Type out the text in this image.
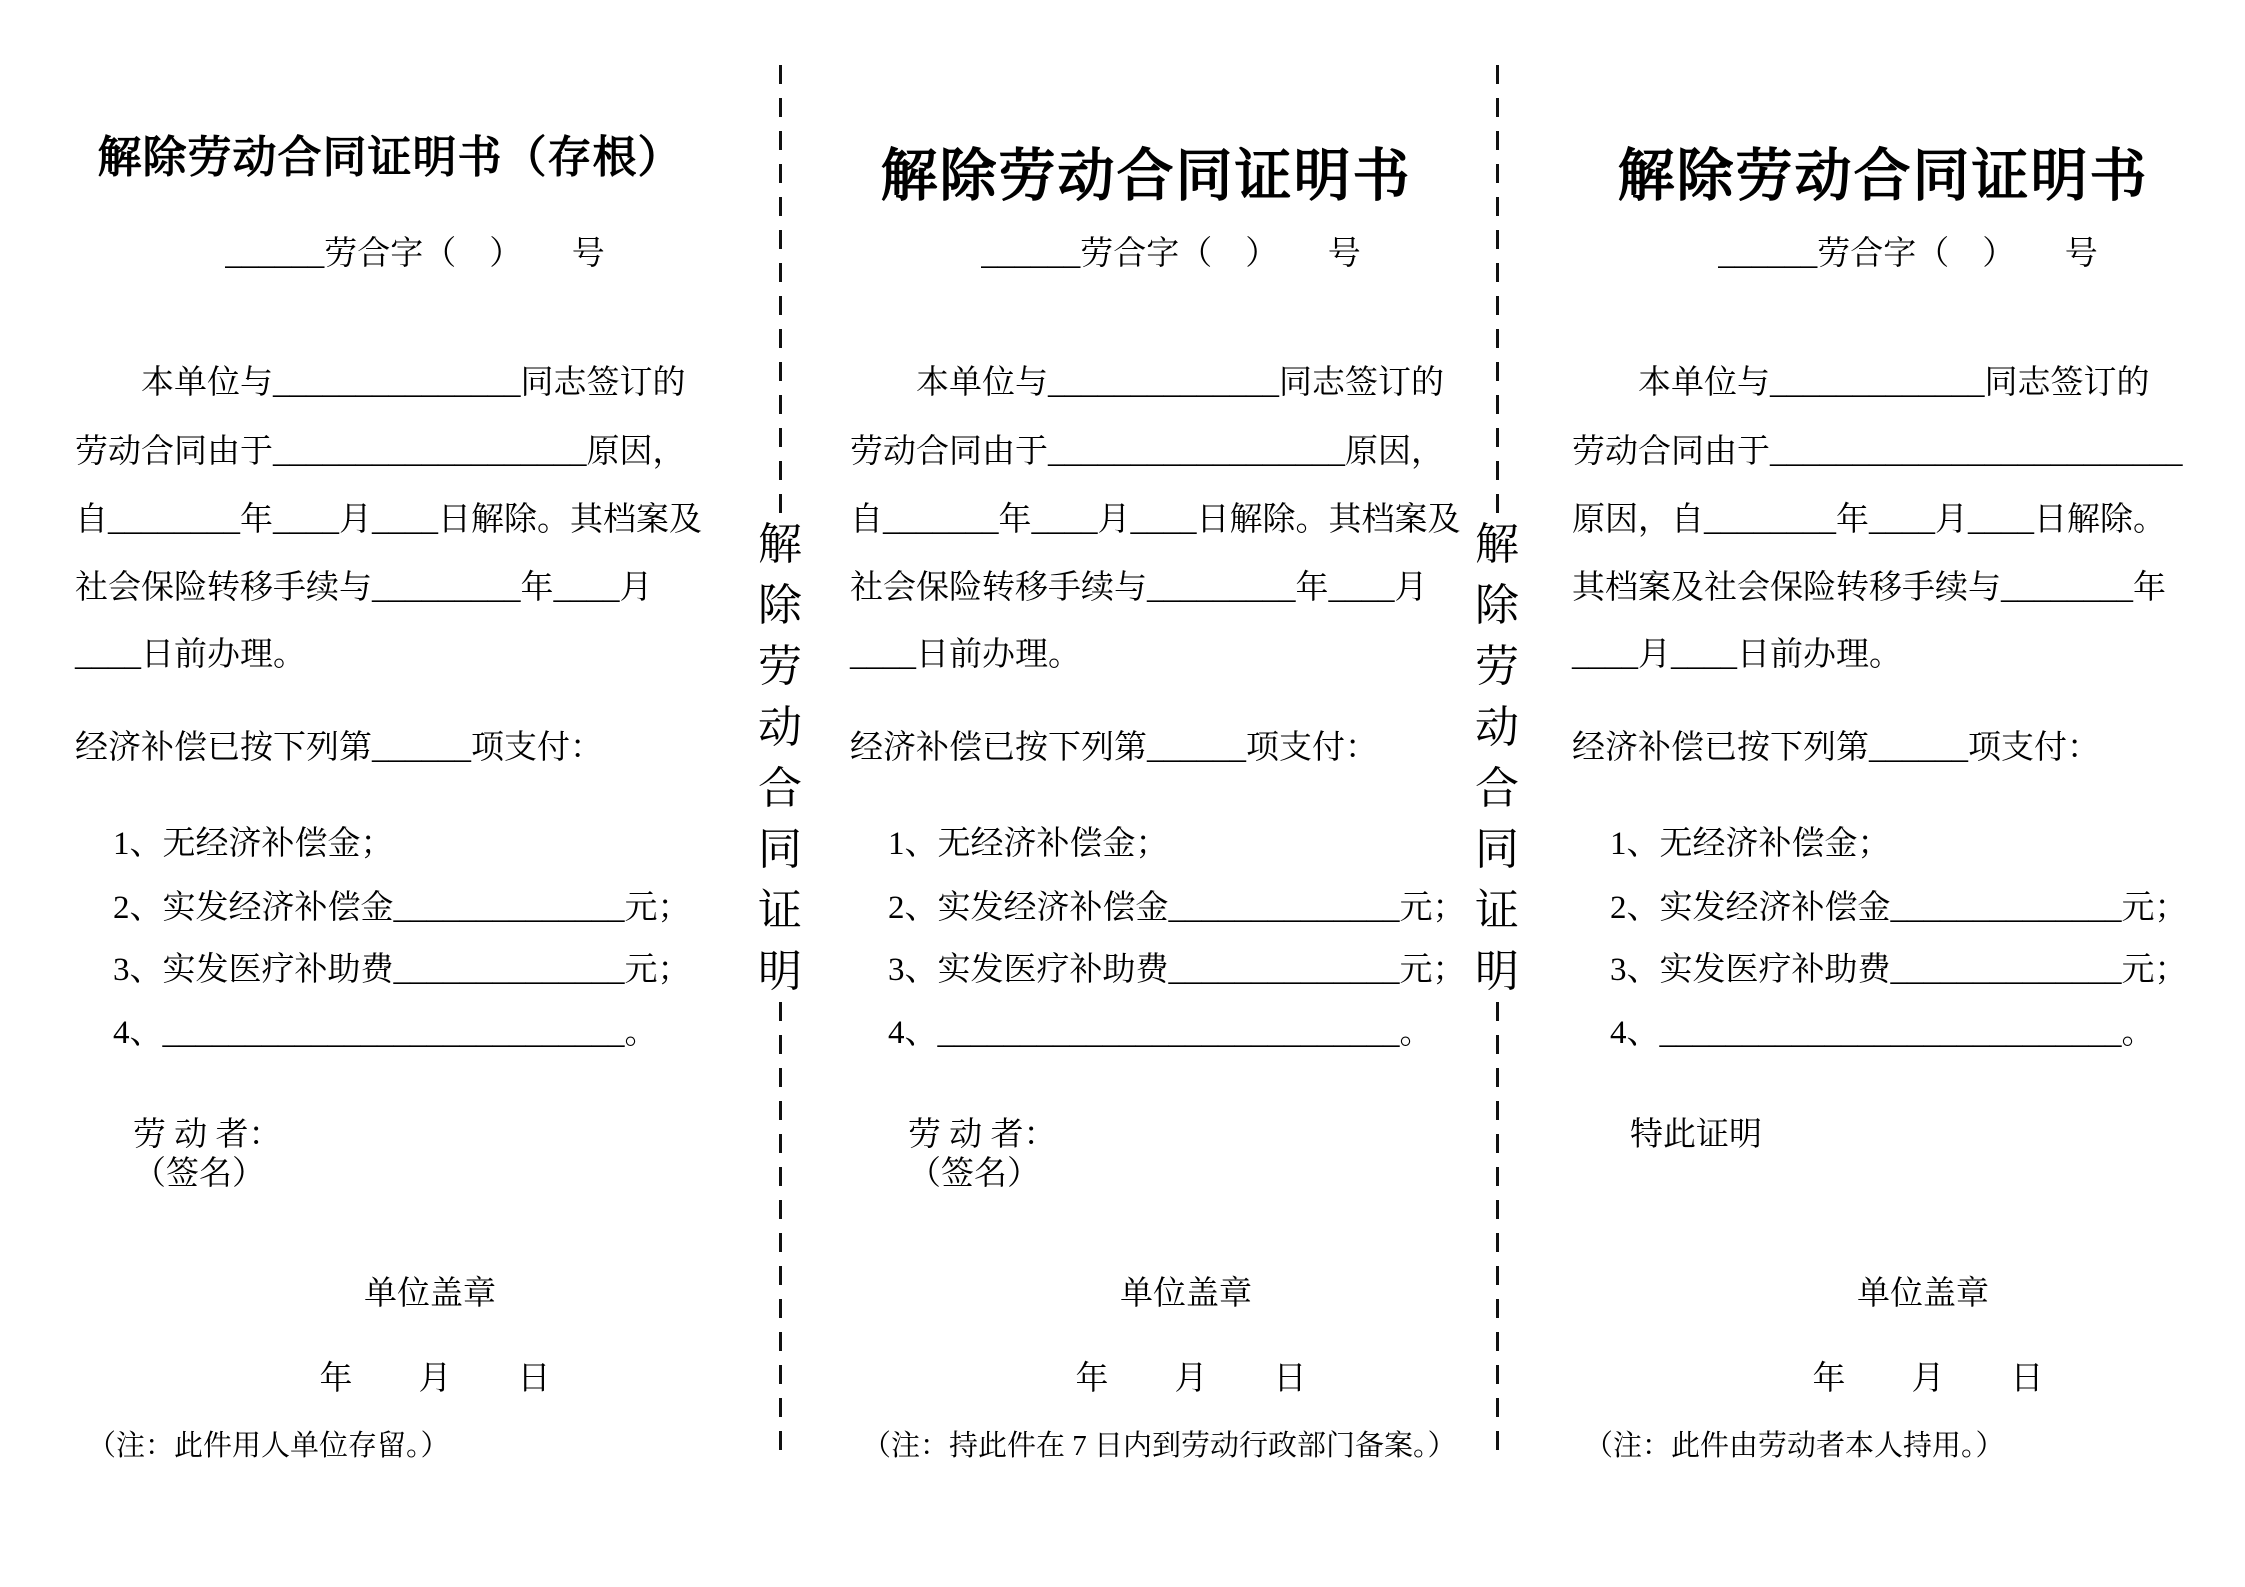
解除劳动合同证明书（存根）
______劳合字（　）　　号

本单位与_______________同志签订的

劳动合同由于___________________原因，

自________年____月____日解除。其档案及

社会保险转移手续与_________年____月

____日前办理。

经济补偿已按下列第______项支付：

1、无经济补偿金；

2、实发经济补偿金______________元；

3、实发医疗补助费______________元；

4、____________________________。

劳 动 者：
（签名）
单位盖章
年　　月　　日
（注：此件用人单位存留。）
解除劳动合同证明
解除劳动合同证明书
______劳合字（　）　　号

本单位与______________同志签订的

劳动合同由于__________________原因，

自_______年____月____日解除。其档案及

社会保险转移手续与_________年____月

____日前办理。

经济补偿已按下列第______项支付：

1、无经济补偿金；

2、实发经济补偿金______________元；

3、实发医疗补助费______________元；

4、____________________________。

劳 动 者：
（签名）
单位盖章
年　　月　　日
（注：持此件在 7 日内到劳动行政部门备案。）
解除劳动合同证明
解除劳动合同证明书
______劳合字（　）　　号

本单位与_____________同志签订的

劳动合同由于_________________________

原因，自________年____月____日解除。

其档案及社会保险转移手续与________年

____月____日前办理。

经济补偿已按下列第______项支付：

1、无经济补偿金；

2、实发经济补偿金______________元；

3、实发医疗补助费______________元；

4、____________________________。

特此证明
单位盖章
年　　月　　日
（注：此件由劳动者本人持用。）
